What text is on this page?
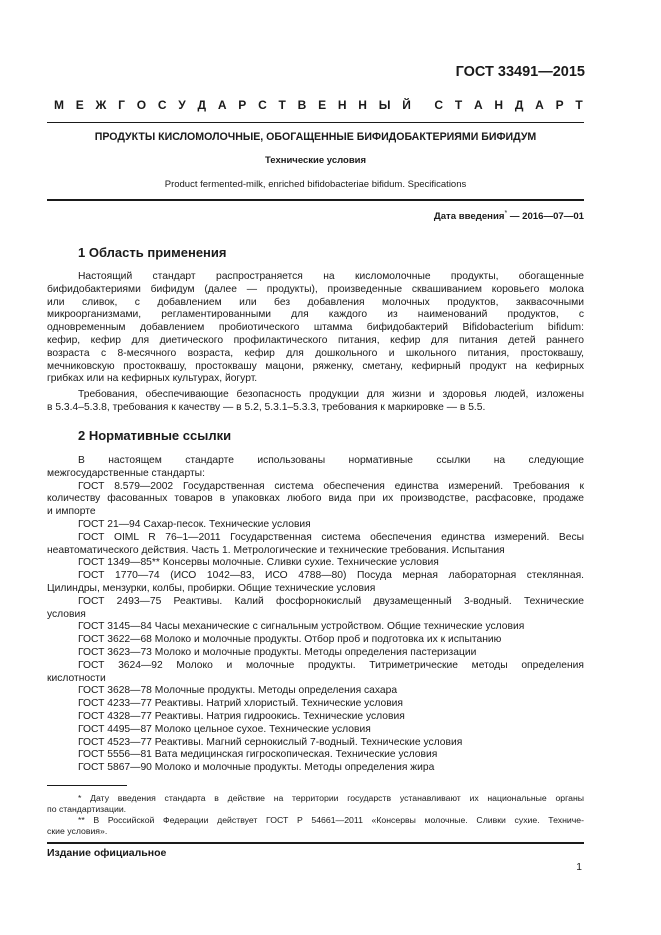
ГОСТ 33491—2015
М Е Ж Г О С У Д А Р С Т В Е Н Н Ы Й С Т А Н Д А Р Т
ПРОДУКТЫ КИСЛОМОЛОЧНЫЕ, ОБОГАЩЕННЫЕ БИФИДОБАКТЕРИЯМИ БИФИДУМ
Технические условия
Product fermented-milk, enriched bifidobacteriae bifidum. Specifications
Дата введения* — 2016—07—01
1 Область применения
Настоящий стандарт распространяется на кисломолочные продукты, обогащенные
бифидобактериями бифидум (далее — продукты), произведенные сквашиванием коровьего молока
или сливок, с добавлением или без добавления молочных продуктов, заквасочными
микроорганизмами, регламентированными для каждого из наименований продуктов, с
одновременным добавлением пробиотического штамма бифидобактерий Bifidobacterium bifidum:
кефир, кефир для диетического профилактического питания, кефир для питания детей раннего
возраста с 8-месячного возраста, кефир для дошкольного и школьного питания, простоквашу,
мечниковскую простоквашу, простоквашу мацони, ряженку, сметану, кефирный продукт на кефирных
грибках или на кефирных культурах, йогурт.
Требования, обеспечивающие безопасность продукции для жизни и здоровья людей, изложены
в 5.3.4–5.3.8, требования к качеству — в 5.2, 5.3.1–5.3.3, требования к маркировке — в 5.5.
2 Нормативные ссылки
В настоящем стандарте использованы нормативные ссылки на следующие
межгосударственные стандарты:
ГОСТ 8.579—2002 Государственная система обеспечения единства измерений. Требования к
количеству фасованных товаров в упаковках любого вида при их производстве, расфасовке, продаже
и импорте
ГОСТ 21—94 Сахар-песок. Технические условия
ГОСТ OIML R 76–1—2011 Государственная система обеспечения единства измерений. Весы
неавтоматического действия. Часть 1. Метрологические и технические требования. Испытания
ГОСТ 1349—85** Консервы молочные. Сливки сухие. Технические условия
ГОСТ 1770—74 (ИСО 1042—83, ИСО 4788—80) Посуда мерная лабораторная стеклянная.
Цилиндры, мензурки, колбы, пробирки. Общие технические условия
ГОСТ 2493—75 Реактивы. Калий фосфорнокислый двузамещенный 3-водный. Технические
условия
ГОСТ 3145—84 Часы механические с сигнальным устройством. Общие технические условия
ГОСТ 3622—68 Молоко и молочные продукты. Отбор проб и подготовка их к испытанию
ГОСТ 3623—73 Молоко и молочные продукты. Методы определения пастеризации
ГОСТ 3624—92 Молоко и молочные продукты. Титриметрические методы определения
кислотности
ГОСТ 3628—78 Молочные продукты. Методы определения сахара
ГОСТ 4233—77 Реактивы. Натрий хлористый. Технические условия
ГОСТ 4328—77 Реактивы. Натрия гидроокись. Технические условия
ГОСТ 4495—87 Молоко цельное сухое. Технические условия
ГОСТ 4523—77 Реактивы. Магний сернокислый 7-водный. Технические условия
ГОСТ 5556—81 Вата медицинская гигроскопическая. Технические условия
ГОСТ 5867—90 Молоко и молочные продукты. Методы определения жира
* Дату введения стандарта в действие на территории государств устанавливают их национальные органы
по стандартизации.
** В Российской Федерации действует ГОСТ Р 54661—2011 «Консервы молочные. Сливки сухие. Техниче-
ские условия».
Издание официальное
1
